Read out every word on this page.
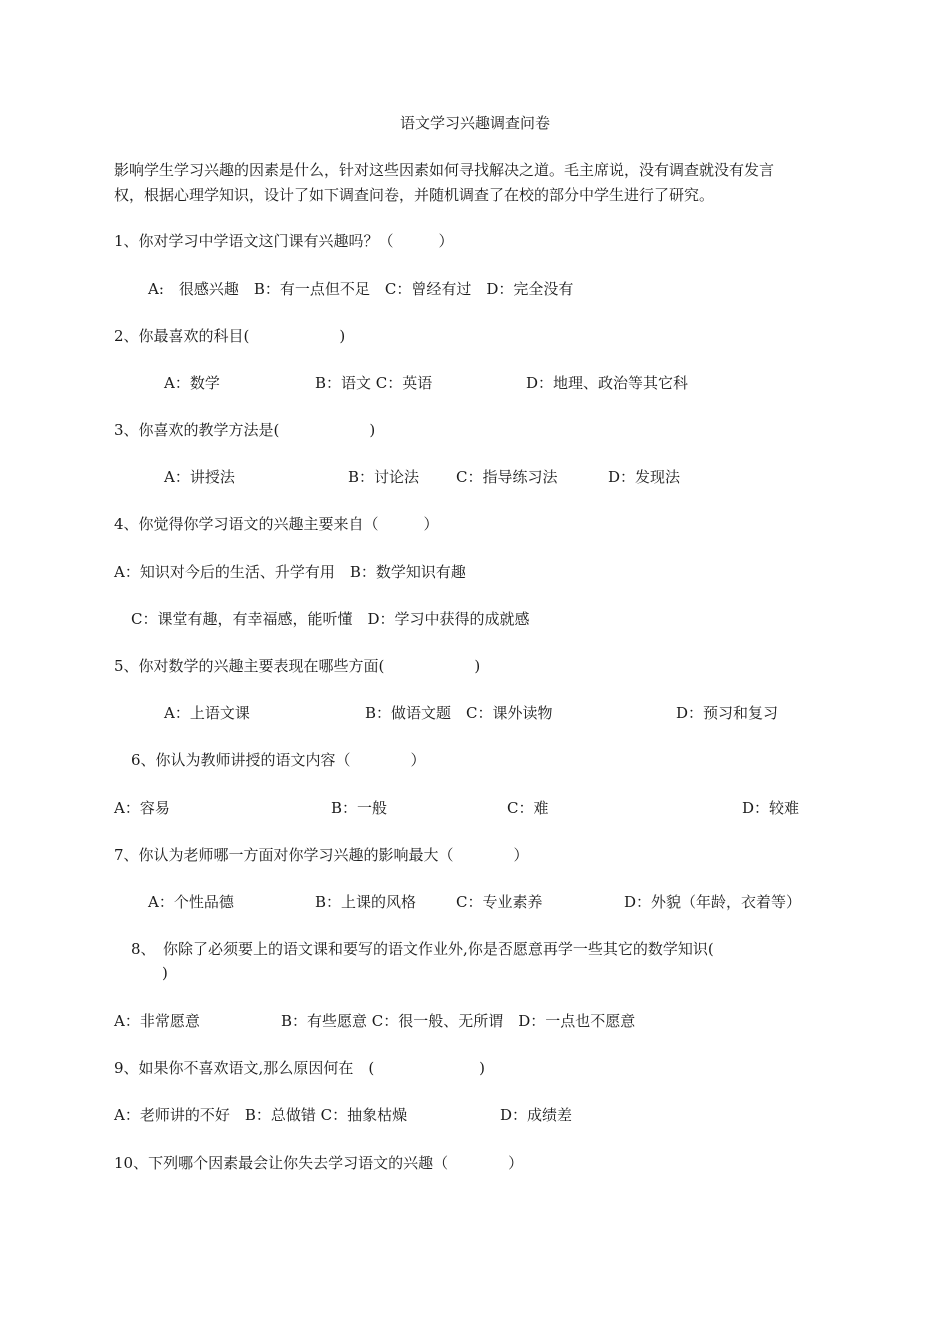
语文学习兴趣调查问卷
影响学生学习兴趣的因素是什么，针对这些因素如何寻找解决之道。毛主席说，没有调查就没有发言
权，根据心理学知识，设计了如下调查问卷，并随机调查了在校的部分中学生进行了研究。
1、你对学习中学语文这门课有兴趣吗？（　　　）
A:　很感兴趣　B：有一点但不足　C：曾经有过　D：完全没有
2、你最喜欢的科目(　　　　　　)
A：数学	B：语文 C：英语	D：地理、政治等其它科
3、你喜欢的教学方法是(　　　　　　)
A：讲授法	B：讨论法 C：指导练习法	D：发现法
4、你觉得你学习语文的兴趣主要来自（　　　）
A：知识对今后的生活、升学有用　B：数学知识有趣
C：课堂有趣，有幸福感，能听懂　D：学习中获得的成就感
5、你对数学的兴趣主要表现在哪些方面(　　　　　　)
A：上语文课	B：做语文题　C：课外读物	D：预习和复习
6、你认为教师讲授的语文内容（　　　　）
A：容易	B：一般	C：难	D：较难
7、你认为老师哪一方面对你学习兴趣的影响最大（　　　　）
A：个性品德	B：上课的风格	C：专业素养	D：外貌（年龄，衣着等）
8、　你除了必须要上的语文课和要写的语文作业外,你是否愿意再学一些其它的数学知识(
)
A：非常愿意	B：有些愿意 C：很一般、无所谓　D：一点也不愿意
9、如果你不喜欢语文,那么原因何在　(　　　　　　　)
A：老师讲的不好　B：总做错 C：抽象枯燥	D：成绩差
10、下列哪个因素最会让你失去学习语文的兴趣（　　　　）
